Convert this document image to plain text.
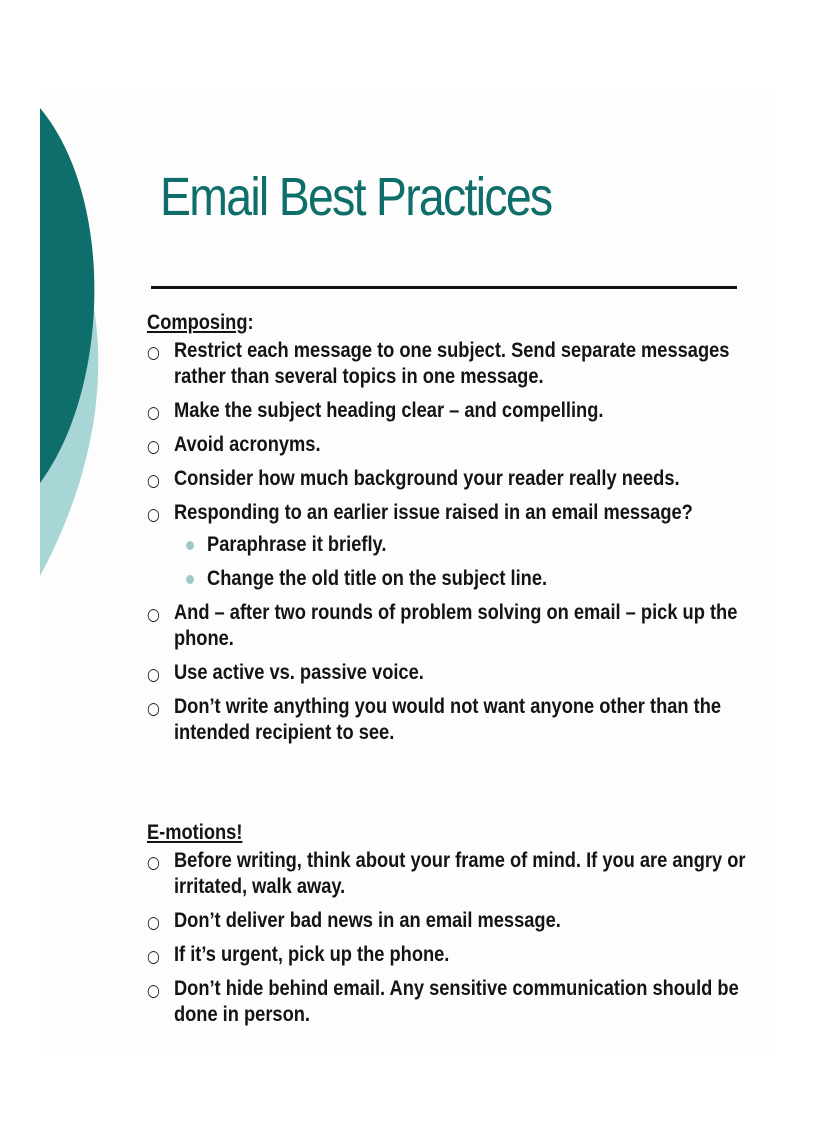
Email Best Practices
Composing:
○ Restrict each message to one subject. Send separate messages rather than several topics in one message.
○ Make the subject heading clear – and compelling.
○ Avoid acronyms.
○ Consider how much background your reader really needs.
○ Responding to an earlier issue raised in an email message?
Paraphrase it briefly.
Change the old title on the subject line.
○ And – after two rounds of problem solving on email – pick up the phone.
○ Use active vs. passive voice.
○ Don’t write anything you would not want anyone other than the intended recipient to see.
E-motions!
○ Before writing, think about your frame of mind. If you are angry or irritated, walk away.
○ Don’t deliver bad news in an email message.
○ If it’s urgent, pick up the phone.
○ Don’t hide behind email. Any sensitive communication should be done in person.
